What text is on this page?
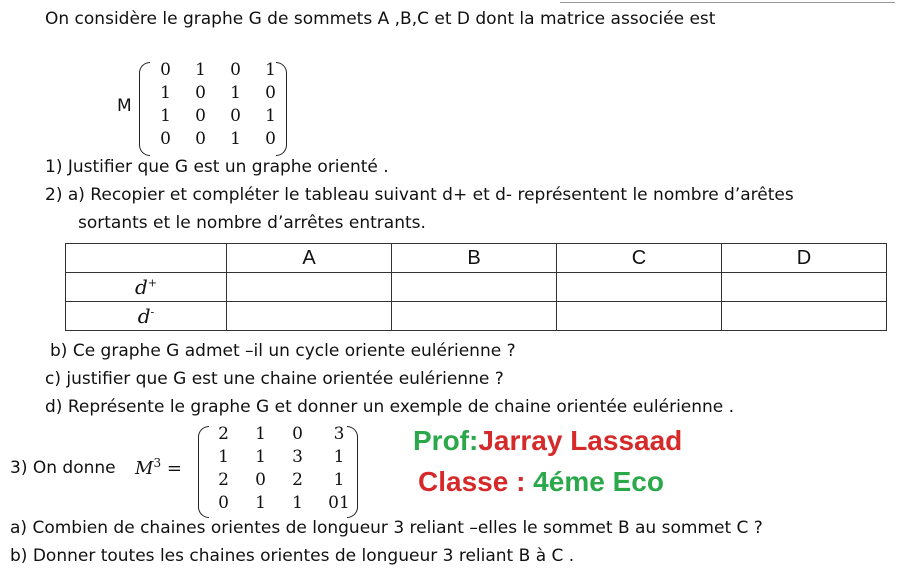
On considère le graphe G de sommets A ,B,C et D dont la matrice associée est
M
0	1	0	1
1	0	1	0
1	0	0	1
0	0	1	0
1) Justifier que G est un graphe orienté .
2) a) Recopier et compléter le tableau suivant d+ et d- représentent le nombre d’arêtes
sortants et le nombre d’arrêtes entrants.
	A	B	C	D
d+				
d-				
b) Ce graphe G admet –il un cycle oriente eulérienne ?
c) justifier que G est une chaine orientée eulérienne ?
d) Représente le graphe G et donner un exemple de chaine orientée eulérienne .
3) On donne $M^3$ =
2	1	0	3
1	1	3	1
2	0	2	1
0	1	1	01
Prof:Jarray Lassaad
Classe : 4éme Eco
a) Combien de chaines orientes de longueur 3 reliant –elles le sommet B au sommet C ?
b) Donner toutes les chaines orientes de longueur 3 reliant B à C .
